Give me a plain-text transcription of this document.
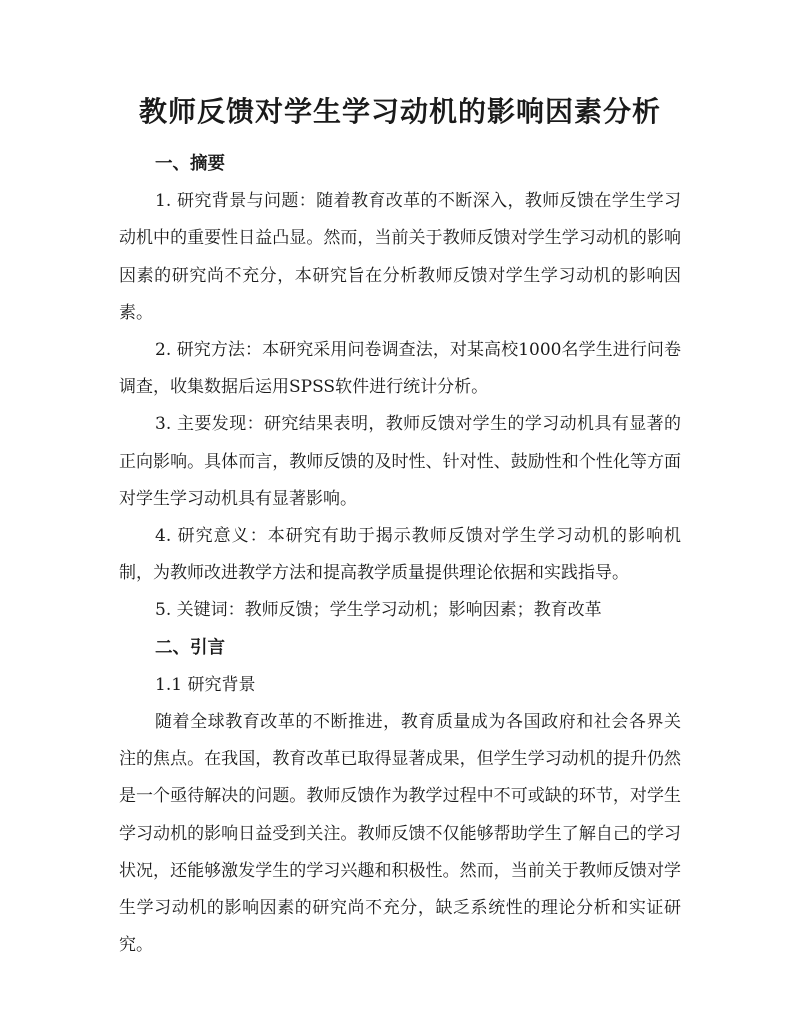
教师反馈对学生学习动机的影响因素分析

一、摘要

1. 研究背景与问题：随着教育改革的不断深入，教师反馈在学生学习动机中的重要性日益凸显。然而，当前关于教师反馈对学生学习动机的影响因素的研究尚不充分，本研究旨在分析教师反馈对学生学习动机的影响因素。

2. 研究方法：本研究采用问卷调查法，对某高校1000名学生进行问卷调查，收集数据后运用SPSS软件进行统计分析。

3. 主要发现：研究结果表明，教师反馈对学生的学习动机具有显著的正向影响。具体而言，教师反馈的及时性、针对性、鼓励性和个性化等方面对学生学习动机具有显著影响。

4. 研究意义：本研究有助于揭示教师反馈对学生学习动机的影响机制，为教师改进教学方法和提高教学质量提供理论依据和实践指导。

5. 关键词：教师反馈；学生学习动机；影响因素；教育改革

二、引言

1.1 研究背景

随着全球教育改革的不断推进，教育质量成为各国政府和社会各界关注的焦点。在我国，教育改革已取得显著成果，但学生学习动机的提升仍然是一个亟待解决的问题。教师反馈作为教学过程中不可或缺的环节，对学生学习动机的影响日益受到关注。教师反馈不仅能够帮助学生了解自己的学习状况，还能够激发学生的学习兴趣和积极性。然而，当前关于教师反馈对学生学习动机的影响因素的研究尚不充分，缺乏系统性的理论分析和实证研究。
